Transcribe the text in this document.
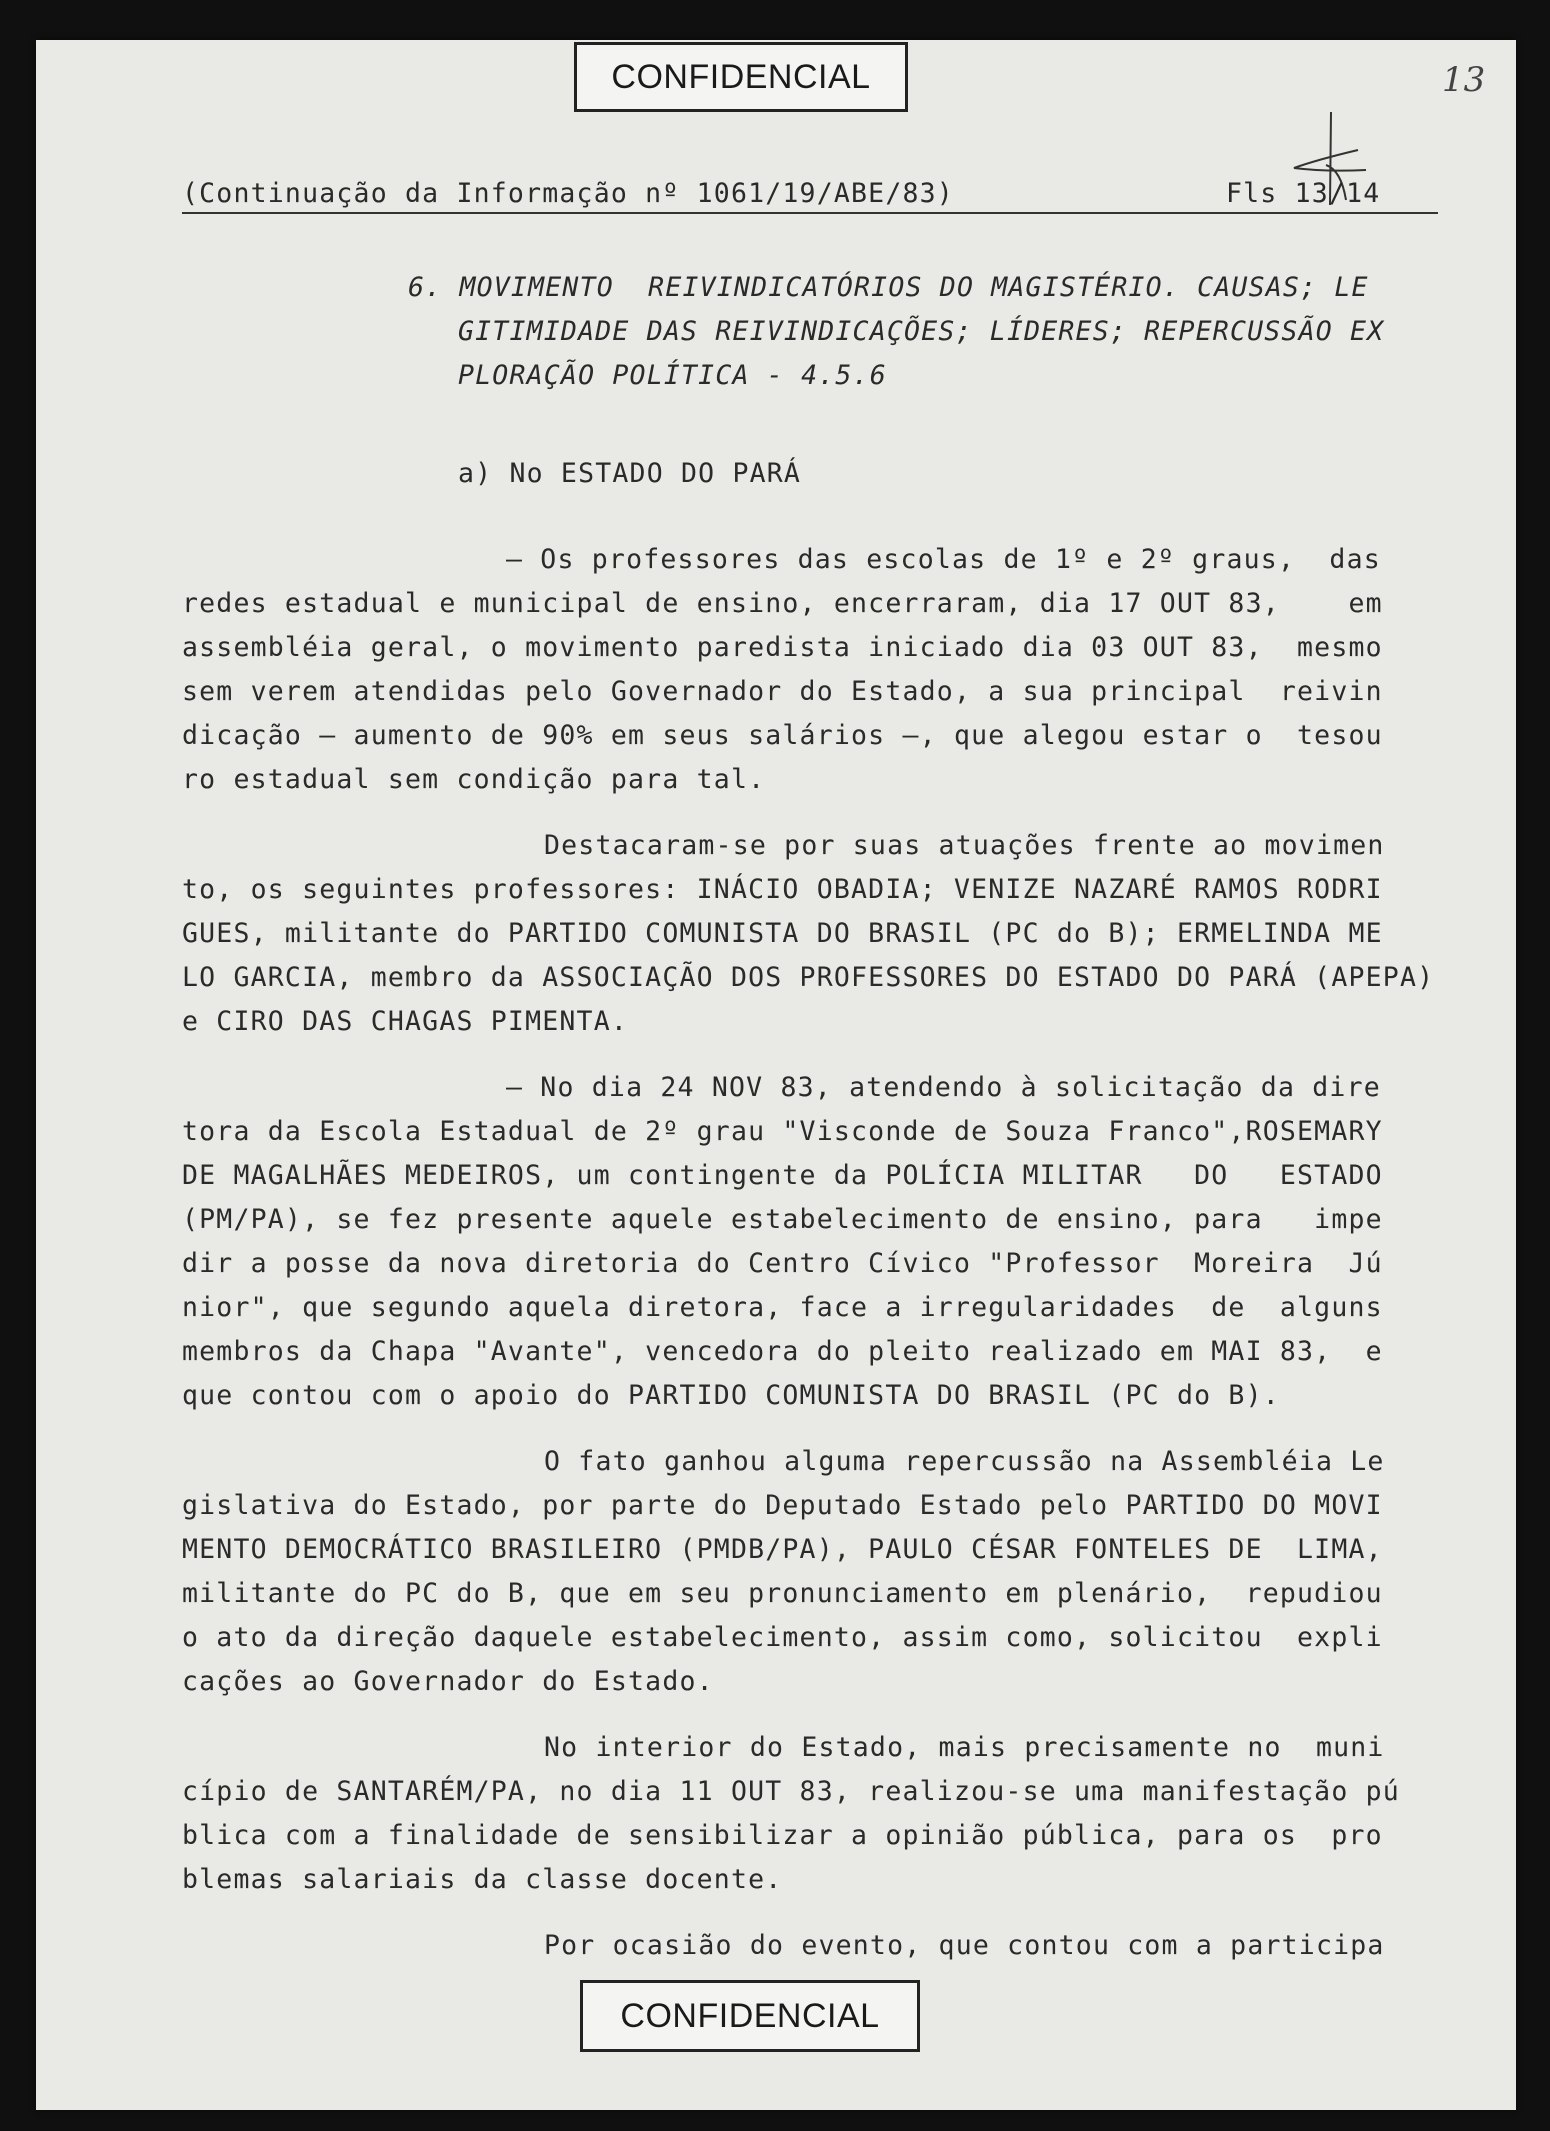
CONFIDENCIAL	13
(Continuação da Informação nº 1061/19/ABE/83)	Fls 13/14
6. MOVIMENTO  REIVINDICATÓRIOS DO MAGISTÉRIO. CAUSAS; LE
GITIMIDADE DAS REIVINDICAÇÕES; LÍDERES; REPERCUSSÃO EX
PLORAÇÃO POLÍTICA - 4.5.6
a) No ESTADO DO PARÁ
— Os professores das escolas de 1º e 2º graus,  das
redes estadual e municipal de ensino, encerraram, dia 17 OUT 83,    em
assembléia geral, o movimento paredista iniciado dia 03 OUT 83,  mesmo
sem verem atendidas pelo Governador do Estado, a sua principal  reivin
dicação — aumento de 90% em seus salários —, que alegou estar o  tesou
ro estadual sem condição para tal.
Destacaram-se por suas atuações frente ao movimen
to, os seguintes professores: INÁCIO OBADIA; VENIZE NAZARÉ RAMOS RODRI
GUES, militante do PARTIDO COMUNISTA DO BRASIL (PC do B); ERMELINDA ME
LO GARCIA, membro da ASSOCIAÇÃO DOS PROFESSORES DO ESTADO DO PARÁ (APEPA)
e CIRO DAS CHAGAS PIMENTA.
— No dia 24 NOV 83, atendendo à solicitação da dire
tora da Escola Estadual de 2º grau "Visconde de Souza Franco",ROSEMARY
DE MAGALHÃES MEDEIROS, um contingente da POLÍCIA MILITAR   DO   ESTADO
(PM/PA), se fez presente aquele estabelecimento de ensino, para   impe
dir a posse da nova diretoria do Centro Cívico "Professor  Moreira  Jú
nior", que segundo aquela diretora, face a irregularidades  de  alguns
membros da Chapa "Avante", vencedora do pleito realizado em MAI 83,  e
que contou com o apoio do PARTIDO COMUNISTA DO BRASIL (PC do B).
O fato ganhou alguma repercussão na Assembléia Le
gislativa do Estado, por parte do Deputado Estado pelo PARTIDO DO MOVI
MENTO DEMOCRÁTICO BRASILEIRO (PMDB/PA), PAULO CÉSAR FONTELES DE  LIMA,
militante do PC do B, que em seu pronunciamento em plenário,  repudiou
o ato da direção daquele estabelecimento, assim como, solicitou  expli
cações ao Governador do Estado.
No interior do Estado, mais precisamente no  muni
cípio de SANTARÉM/PA, no dia 11 OUT 83, realizou-se uma manifestação pú
blica com a finalidade de sensibilizar a opinião pública, para os  pro
blemas salariais da classe docente.
Por ocasião do evento, que contou com a participa
CONFIDENCIAL
